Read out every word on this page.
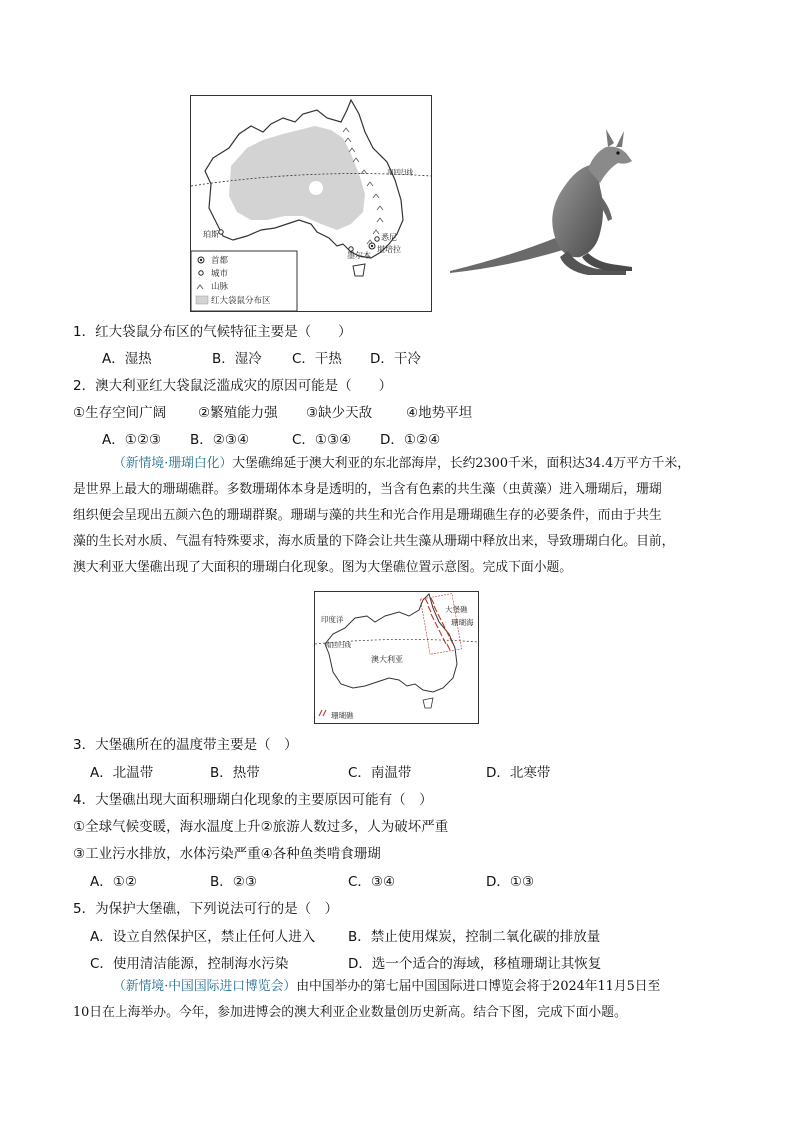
南回归线
珀斯
墨尔本
悉尼
堪培拉
首都
城市
山脉
红大袋鼠分布区
1．红大袋鼠分布区的气候特征主要是（　　）
A．湿热	B．湿冷 C．干热 D．干冷
2．澳大利亚红大袋鼠泛滥成灾的原因可能是（　　）
①生存空间广阔 ②繁殖能力强 ③缺少天敌	④地势平坦
A．①②③ B．②③④	C．①③④ D．①②④
（新情境·珊瑚白化）大堡礁绵延于澳大利亚的东北部海岸，长约2300千米，面积达34.4万平方千米，
是世界上最大的珊瑚礁群。多数珊瑚体本身是透明的，当含有色素的共生藻（虫黄藻）进入珊瑚后，珊瑚
组织便会呈现出五颜六色的珊瑚群聚。珊瑚与藻的共生和光合作用是珊瑚礁生存的必要条件，而由于共生
藻的生长对水质、气温有特殊要求，海水质量的下降会让共生藻从珊瑚中释放出来，导致珊瑚白化。目前，
澳大利亚大堡礁出现了大面积的珊瑚白化现象。图为大堡礁位置示意图。完成下面小题。
大堡礁
珊瑚海
印度洋
南回归线
澳大利亚
珊瑚礁
3．大堡礁所在的温度带主要是（　）
A．北温带	B．热带	C．南温带	D．北寒带
4．大堡礁出现大面积珊瑚白化现象的主要原因可能有（　）
①全球气候变暖，海水温度上升②旅游人数过多，人为破坏严重
③工业污水排放，水体污染严重④各种鱼类啃食珊瑚
A．①②	B．②③	C．③④	D．①③
5．为保护大堡礁，下列说法可行的是（　）
A．设立自然保护区，禁止任何人进入 B．禁止使用煤炭，控制二氧化碳的排放量
C．使用清洁能源，控制海水污染	D．选一个适合的海域，移植珊瑚让其恢复
（新情境·中国国际进口博览会）由中国举办的第七届中国国际进口博览会将于2024年11月5日至
10日在上海举办。今年，参加进博会的澳大利亚企业数量创历史新高。结合下图，完成下面小题。
